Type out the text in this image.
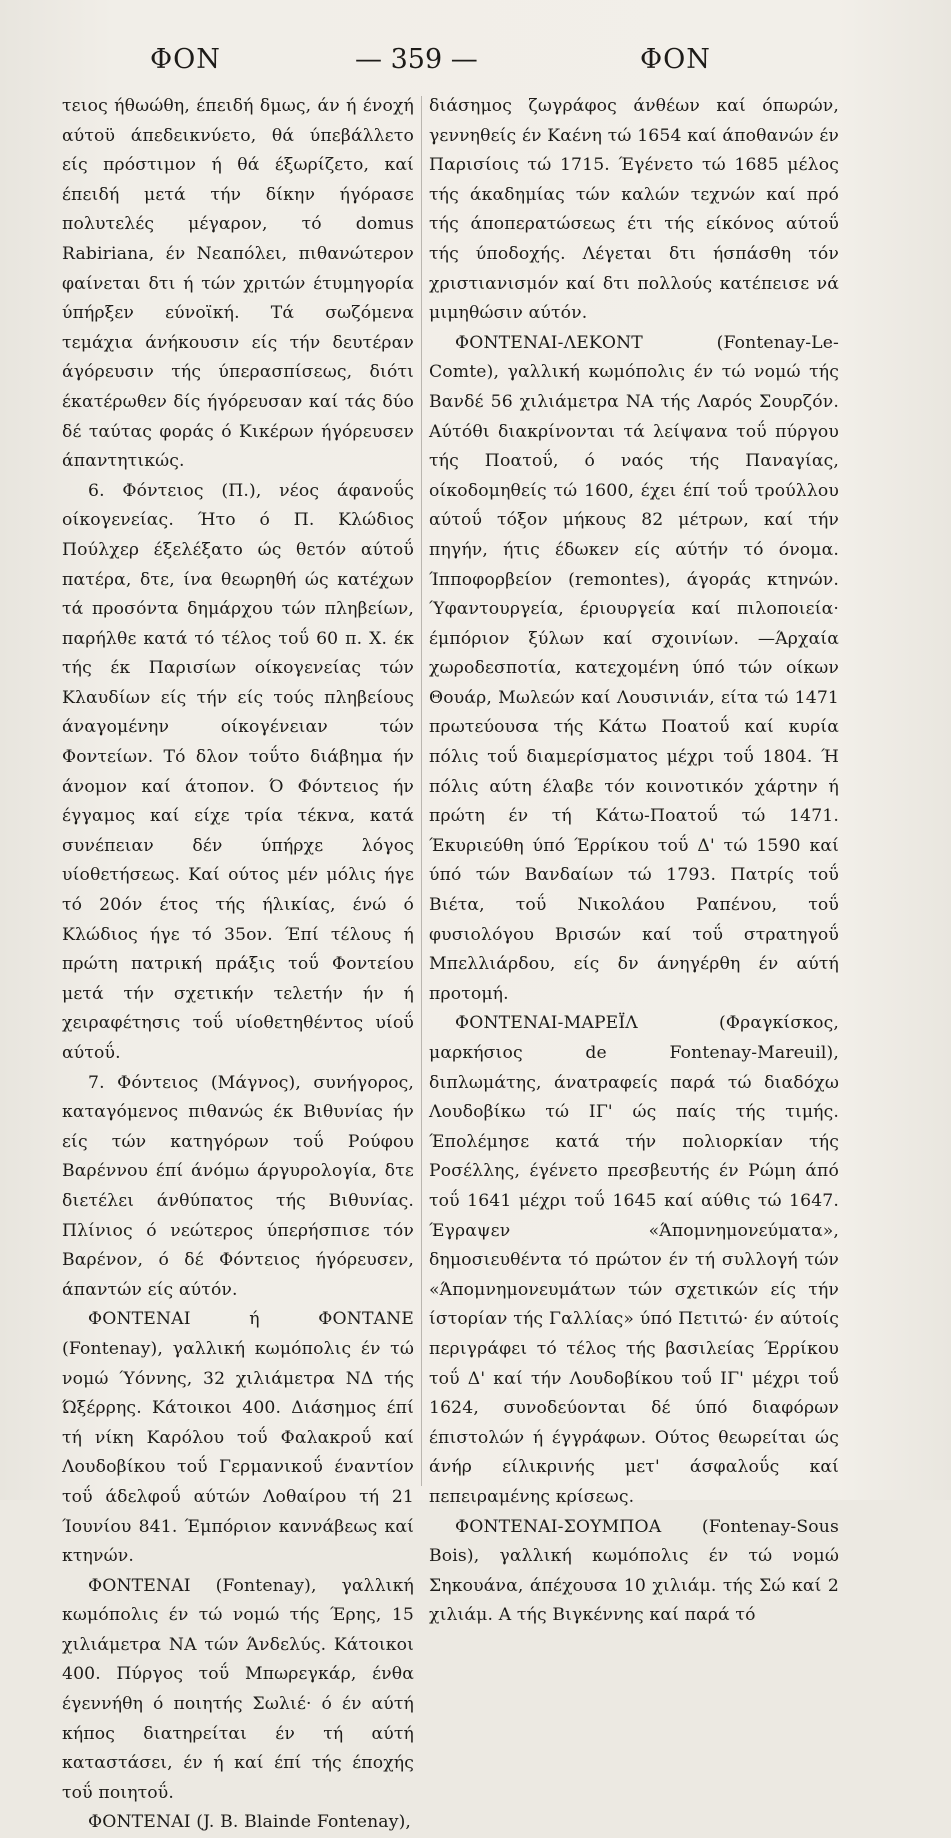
ΦΟΝ	— 359 —	ΦΟΝ

τειος ήθωώθη, έπειδή δμως, άν ή ένοχή αύτοϋ άπεδεικνύετο, θά ύπεβάλλετο είς πρόστιμον ή θά έξωρίζετο, καί έπειδή μετά τήν δίκην ήγόρασε πολυτελές μέγαρον, τό domus Rabiriana, έν Νεαπόλει, πιθανώτερον φαίνεται δτι ή τών χριτών έτυμηγορία ύπήρξεν εύνοϊκή. Τά σωζόμενα τεμάχια άνήκουσιν είς τήν δευτέραν άγόρευσιν τής ύπερασπίσεως, διότι έκατέρωθεν δίς ήγόρευσαν καί τάς δύο δέ ταύτας φοράς ό Κικέρων ήγόρευσεν άπαντητικώς.

6. Φόντειος (Π.), νέος άφανοΰς οίκογενείας. Ήτο ό Π. Κλώδιος Πούλχερ έξελέξατο ώς θετόν αύτοΰ πατέρα, δτε, ίνα θεωρηθή ώς κατέχων τά προσόντα δημάρχου τών πληβείων, παρήλθε κατά τό τέλος τοΰ 60 π. Χ. έκ τής έκ Παρισίων οίκογενείας τών Κλαυδίων είς τήν είς τούς πληβείους άναγομένην οίκογένειαν τών Φοντείων. Τό δλον τοΰτο διάβημα ήν άνομον καί άτοπον. Ό Φόντειος ήν έγγαμος καί είχε τρία τέκνα, κατά συνέπειαν δέν ύπήρχε λόγος υίοθετήσεως. Καί ούτος μέν μόλις ήγε τό 20όν έτος τής ήλικίας, ένώ ό Κλώδιος ήγε τό 35ον. Έπί τέλους ή πρώτη πατρική πράξις τοΰ Φοντείου μετά τήν σχετικήν τελετήν ήν ή χειραφέτησις τοΰ υίοθετηθέντος υίοΰ αύτοΰ.

7. Φόντειος (Μάγνος), συνήγορος, καταγόμενος πιθανώς έκ Βιθυνίας ήν είς τών κατηγόρων τοΰ Ρούφου Βαρέννου έπί άνόμω άργυρολογία, δτε διετέλει άνθύπατος τής Βιθυνίας. Πλίνιος ό νεώτερος ύπερήσπισε τόν Βαρένον, ό δέ Φόντειος ήγόρευσεν, άπαντών είς αύτόν.

ΦΟΝΤΕΝΑΙ ή ΦΟΝΤΑΝΕ (Fontenay), γαλλική κωμόπολις έν τώ νομώ Ύόννης, 32 χιλιάμετρα ΝΔ τής Ώξέρρης. Κάτοικοι 400. Διάσημος έπί τή νίκη Καρόλου τοΰ Φαλακροΰ καί Λουδοβίκου τοΰ Γερμανικοΰ έναντίον τοΰ άδελφοΰ αύτών Λοθαίρου τή 21 Ίουνίου 841. Έμπόριον καννάβεως καί κτηνών.

ΦΟΝΤΕΝΑΙ (Fontenay), γαλλική κωμόπολις έν τώ νομώ τής Έρης, 15 χιλιάμετρα ΝΑ τών Άνδελύς. Κάτοικοι 400. Πύργος τοΰ Μπωρεγκάρ, ένθα έγεννήθη ό ποιητής Σωλιέ· ό έν αύτή κήπος διατηρείται έν τή αύτή καταστάσει, έν ή καί έπί τής έποχής τοΰ ποιητοΰ.

ΦΟΝΤΕΝΑΙ (J. B. Blainde Fontenay),

διάσημος ζωγράφος άνθέων καί όπωρών, γεννηθείς έν Καένη τώ 1654 καί άποθανών έν Παρισίοις τώ 1715. Έγένετο τώ 1685 μέλος τής άκαδημίας τών καλών τεχνών καί πρό τής άποπερατώσεως έτι τής είκόνος αύτοΰ τής ύποδοχής. Λέγεται δτι ήσπάσθη τόν χριστιανισμόν καί δτι πολλούς κατέπεισε νά μιμηθώσιν αύτόν.

ΦΟΝΤΕΝΑΙ-ΛΕΚΟΝΤ (Fontenay-Le-Comte), γαλλική κωμόπολις έν τώ νομώ τής Βανδέ 56 χιλιάμετρα ΝΑ τής Λαρός Σουρζόν. Αύτόθι διακρίνονται τά λείψανα τοΰ πύργου τής Ποατοΰ, ό ναός τής Παναγίας, οίκοδομηθείς τώ 1600, έχει έπί τοΰ τρούλλου αύτοΰ τόξον μήκους 82 μέτρων, καί τήν πηγήν, ήτις έδωκεν είς αύτήν τό όνομα. Ίπποφορβείον (remontes), άγοράς κτηνών. Ύφαντουργεία, έριουργεία καί πιλοποιεία· έμπόριον ξύλων καί σχοινίων. —Άρχαία χωροδεσποτία, κατεχομένη ύπό τών οίκων Θουάρ, Μωλεών καί Λουσινιάν, είτα τώ 1471 πρωτεύουσα τής Κάτω Ποατοΰ καί κυρία πόλις τοΰ διαμερίσματος μέχρι τοΰ 1804. Ή πόλις αύτη έλαβε τόν κοινοτικόν χάρτην ή πρώτη έν τή Κάτω-Ποατοΰ τώ 1471. Έκυριεύθη ύπό Έρρίκου τοΰ Δ' τώ 1590 καί ύπό τών Βανδαίων τώ 1793. Πατρίς τοΰ Βιέτα, τοΰ Νικολάου Ραπένου, τοΰ φυσιολόγου Βρισών καί τοΰ στρατηγοΰ Μπελλιάρδου, είς δν άνηγέρθη έν αύτή προτομή.

ΦΟΝΤΕΝΑΙ-ΜΑΡΕΪΛ (Φραγκίσκος, μαρκήσιος de Fontenay-Mareuil), διπλωμάτης, άνατραφείς παρά τώ διαδόχω Λουδοβίκω τώ ΙΓ' ώς παίς τής τιμής. Έπολέμησε κατά τήν πολιορκίαν τής Ροσέλλης, έγένετο πρεσβευτής έν Ρώμη άπό τοΰ 1641 μέχρι τοΰ 1645 καί αύθις τώ 1647. Έγραψεν «Άπομνημονεύματα», δημοσιευθέντα τό πρώτον έν τή συλλογή τών «Άπομνημονευμάτων τών σχετικών είς τήν ίστορίαν τής Γαλλίας» ύπό Πετιτώ· έν αύτοίς περιγράφει τό τέλος τής βασιλείας Έρρίκου τοΰ Δ' καί τήν Λουδοβίκου τοΰ ΙΓ' μέχρι τοΰ 1624, συνοδεύονται δέ ύπό διαφόρων έπιστολών ή έγγράφων. Ούτος θεωρείται ώς άνήρ είλικρινής μετ' άσφαλοΰς καί πεπειραμένης κρίσεως.

ΦΟΝΤΕΝΑΙ-ΣΟΥΜΠΟΑ (Fontenay-Sous Bois), γαλλική κωμόπολις έν τώ νομώ Σηκουάνα, άπέχουσα 10 χιλιάμ. τής Σώ καί 2 χιλιάμ. Α τής Βιγκέννης καί παρά τό
